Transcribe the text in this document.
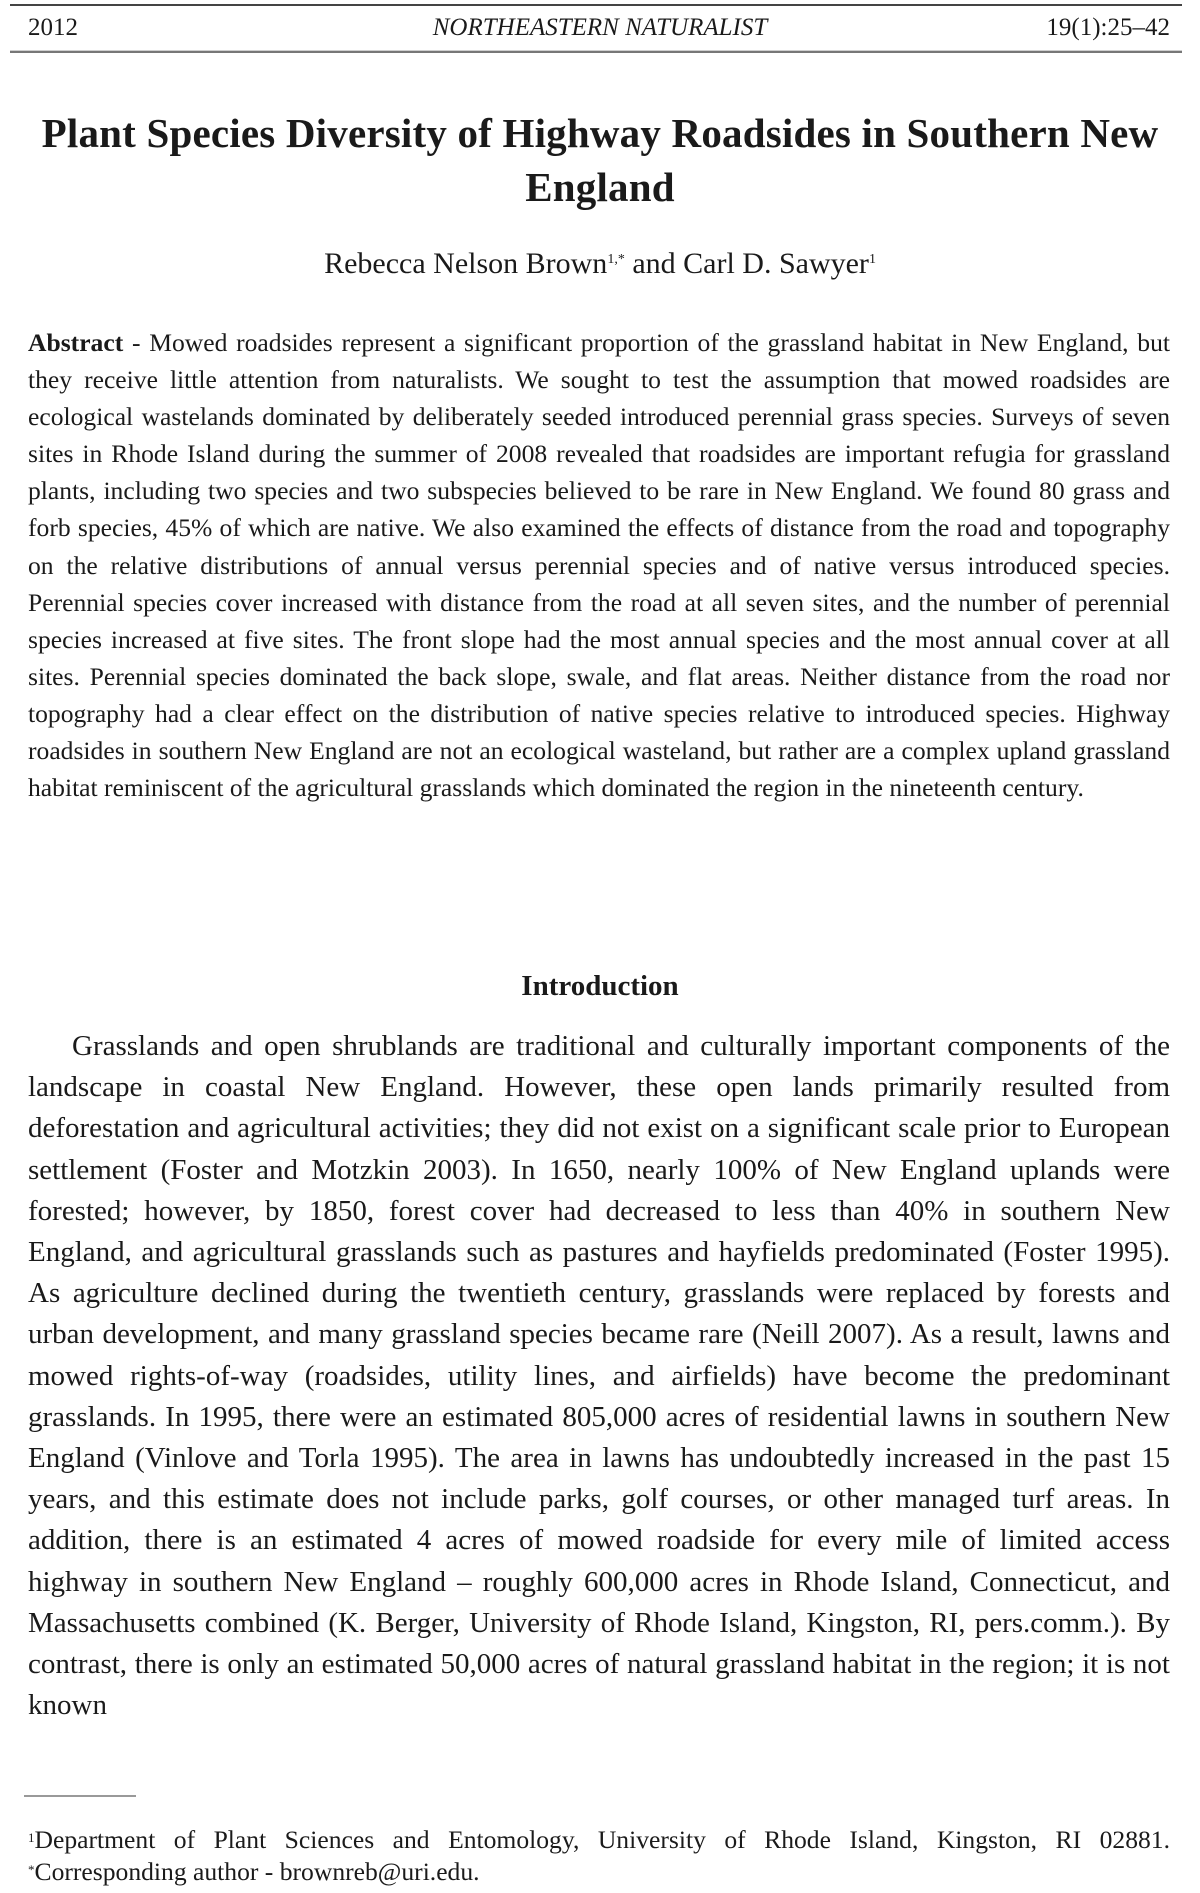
2012	NORTHEASTERN NATURALIST	19(1):25–42
Plant Species Diversity of Highway Roadsides in Southern New England
Rebecca Nelson Brown$^{1,*}$ and Carl D. Sawyer$^1$
Abstract - Mowed roadsides represent a significant proportion of the grassland habitat in New England, but they receive little attention from naturalists. We sought to test the assumption that mowed roadsides are ecological wastelands dominated by deliberately seeded introduced perennial grass species. Surveys of seven sites in Rhode Island during the summer of 2008 revealed that roadsides are important refugia for grassland plants, including two species and two subspecies believed to be rare in New England. We found 80 grass and forb species, 45% of which are native. We also examined the effects of distance from the road and topography on the relative distributions of annual versus perennial species and of native versus introduced species. Perennial species cover increased with distance from the road at all seven sites, and the number of perennial species increased at five sites. The front slope had the most annual species and the most annual cover at all sites. Perennial species dominated the back slope, swale, and flat areas. Neither distance from the road nor topography had a clear effect on the distribution of native species relative to introduced species. Highway roadsides in southern New England are not an ecological wasteland, but rather are a complex upland grassland habitat reminiscent of the agricultural grasslands which dominated the region in the nineteenth century.
Introduction
Grasslands and open shrublands are traditional and culturally important components of the landscape in coastal New England. However, these open lands primarily resulted from deforestation and agricultural activities; they did not exist on a significant scale prior to European settlement (Foster and Motzkin 2003). In 1650, nearly 100% of New England uplands were forested; however, by 1850, forest cover had decreased to less than 40% in southern New England, and agricultural grasslands such as pastures and hayfields predominated (Foster 1995). As agriculture declined during the twentieth century, grasslands were replaced by forests and urban development, and many grassland species became rare (Neill 2007). As a result, lawns and mowed rights-of-way (roadsides, utility lines, and airfields) have become the predominant grasslands. In 1995, there were an estimated 805,000 acres of residential lawns in southern New England (Vinlove and Torla 1995). The area in lawns has undoubtedly increased in the past 15 years, and this estimate does not include parks, golf courses, or other managed turf areas. In addition, there is an estimated 4 acres of mowed roadside for every mile of limited access highway in southern New England – roughly 600,000 acres in Rhode Island, Connecticut, and Massachusetts combined (K. Berger, University of Rhode Island, Kingston, RI, pers.comm.). By contrast, there is only an estimated 50,000 acres of natural grassland habitat in the region; it is not known
$^1$Department of Plant Sciences and Entomology, University of Rhode Island, Kingston, RI 02881. *Corresponding author - brownreb@uri.edu.
